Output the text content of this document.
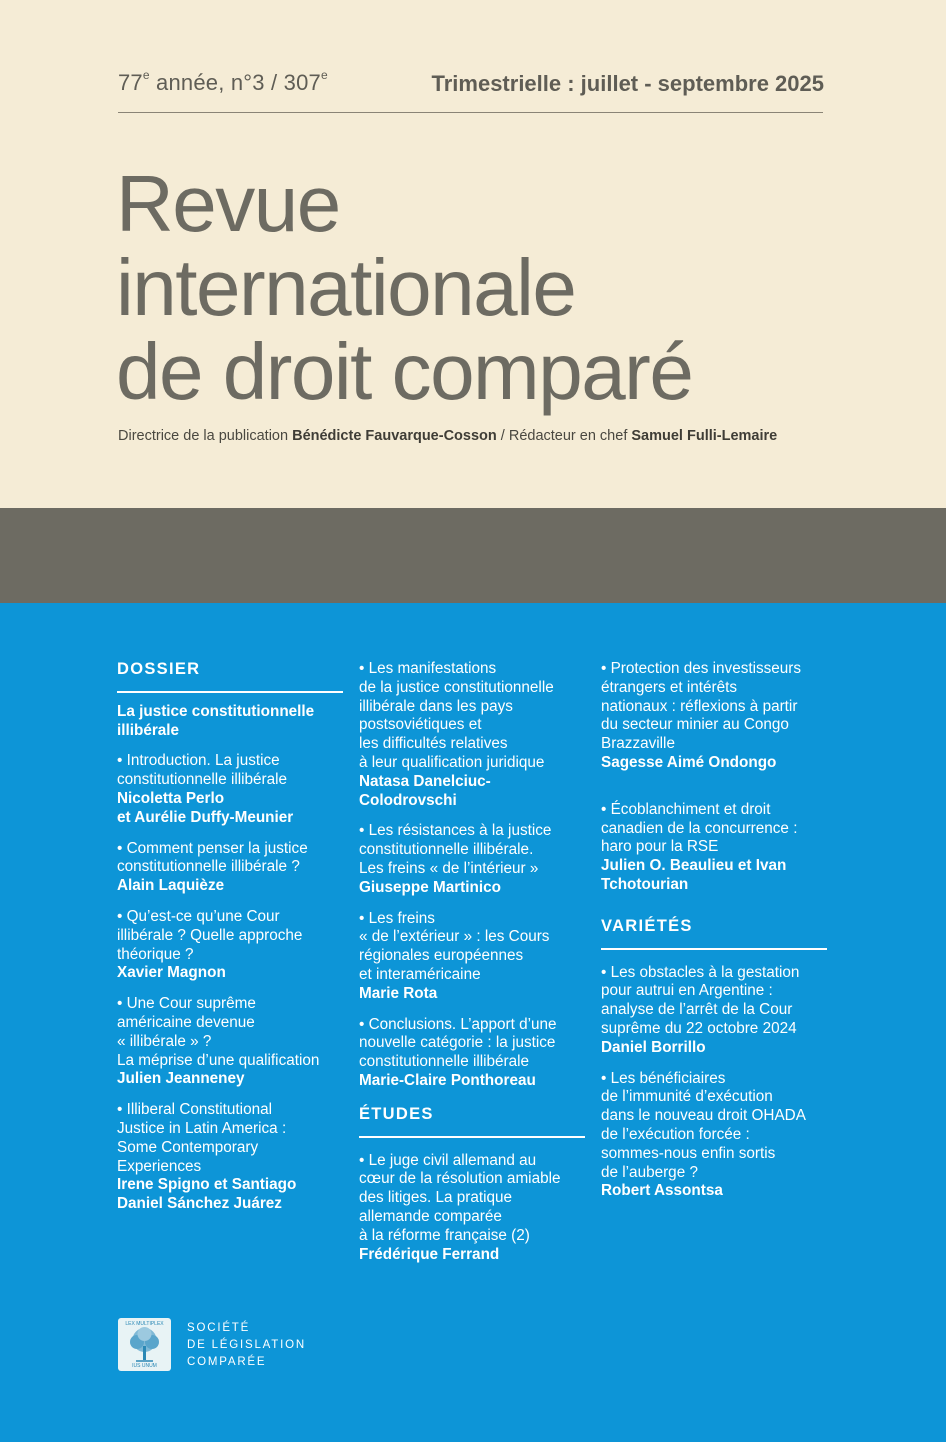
77e année, n°3 / 307e	Trimestrielle : juillet - septembre 2025
Revue
internationale
de droit comparé
Directrice de la publication Bénédicte Fauvarque-Cosson / Rédacteur en chef Samuel Fulli-Lemaire
DOSSIER
La justice constitutionnelle illibérale
• Introduction. La justice
constitutionnelle illibérale
Nicoletta Perlo
et Aurélie Duffy-Meunier
• Comment penser la justice
constitutionnelle illibérale ?
Alain Laquièze
• Qu’est-ce qu’une Cour
illibérale ? Quelle approche
théorique ?
Xavier Magnon
• Une Cour suprême
américaine devenue
« illibérale » ?
La méprise d’une qualification
Julien Jeanneney
• Illiberal Constitutional
Justice in Latin America :
Some Contemporary
Experiences
Irene Spigno et Santiago
Daniel Sánchez Juárez
• Les manifestations
de la justice constitutionnelle
illibérale dans les pays
postsoviétiques et
les difficultés relatives
à leur qualification juridique
Natasa Danelciuc-
Colodrovschi
• Les résistances à la justice
constitutionnelle illibérale.
Les freins « de l’intérieur »
Giuseppe Martinico
• Les freins
« de l’extérieur » : les Cours
régionales européennes
et interaméricaine
Marie Rota
• Conclusions. L’apport d’une
nouvelle catégorie : la justice
constitutionnelle illibérale
Marie-Claire Ponthoreau
ÉTUDES
• Le juge civil allemand au
cœur de la résolution amiable
des litiges. La pratique
allemande comparée
à la réforme française (2)
Frédérique Ferrand
• Protection des investisseurs
étrangers et intérêts
nationaux : réflexions à partir
du secteur minier au Congo
Brazzaville
Sagesse Aimé Ondongo
• Écoblanchiment et droit
canadien de la concurrence :
haro pour la RSE
Julien O. Beaulieu et Ivan
Tchotourian
VARIÉTÉS
• Les obstacles à la gestation
pour autrui en Argentine :
analyse de l’arrêt de la Cour
suprême du 22 octobre 2024
Daniel Borrillo
• Les bénéficiaires
de l’immunité d’exécution
dans le nouveau droit OHADA
de l’exécution forcée :
sommes-nous enfin sortis
de l’auberge ?
Robert Assontsa
LEX MULTIPLEX
IUS UNUM
SOCIÉTÉ
DE LÉGISLATION
COMPARÉE
